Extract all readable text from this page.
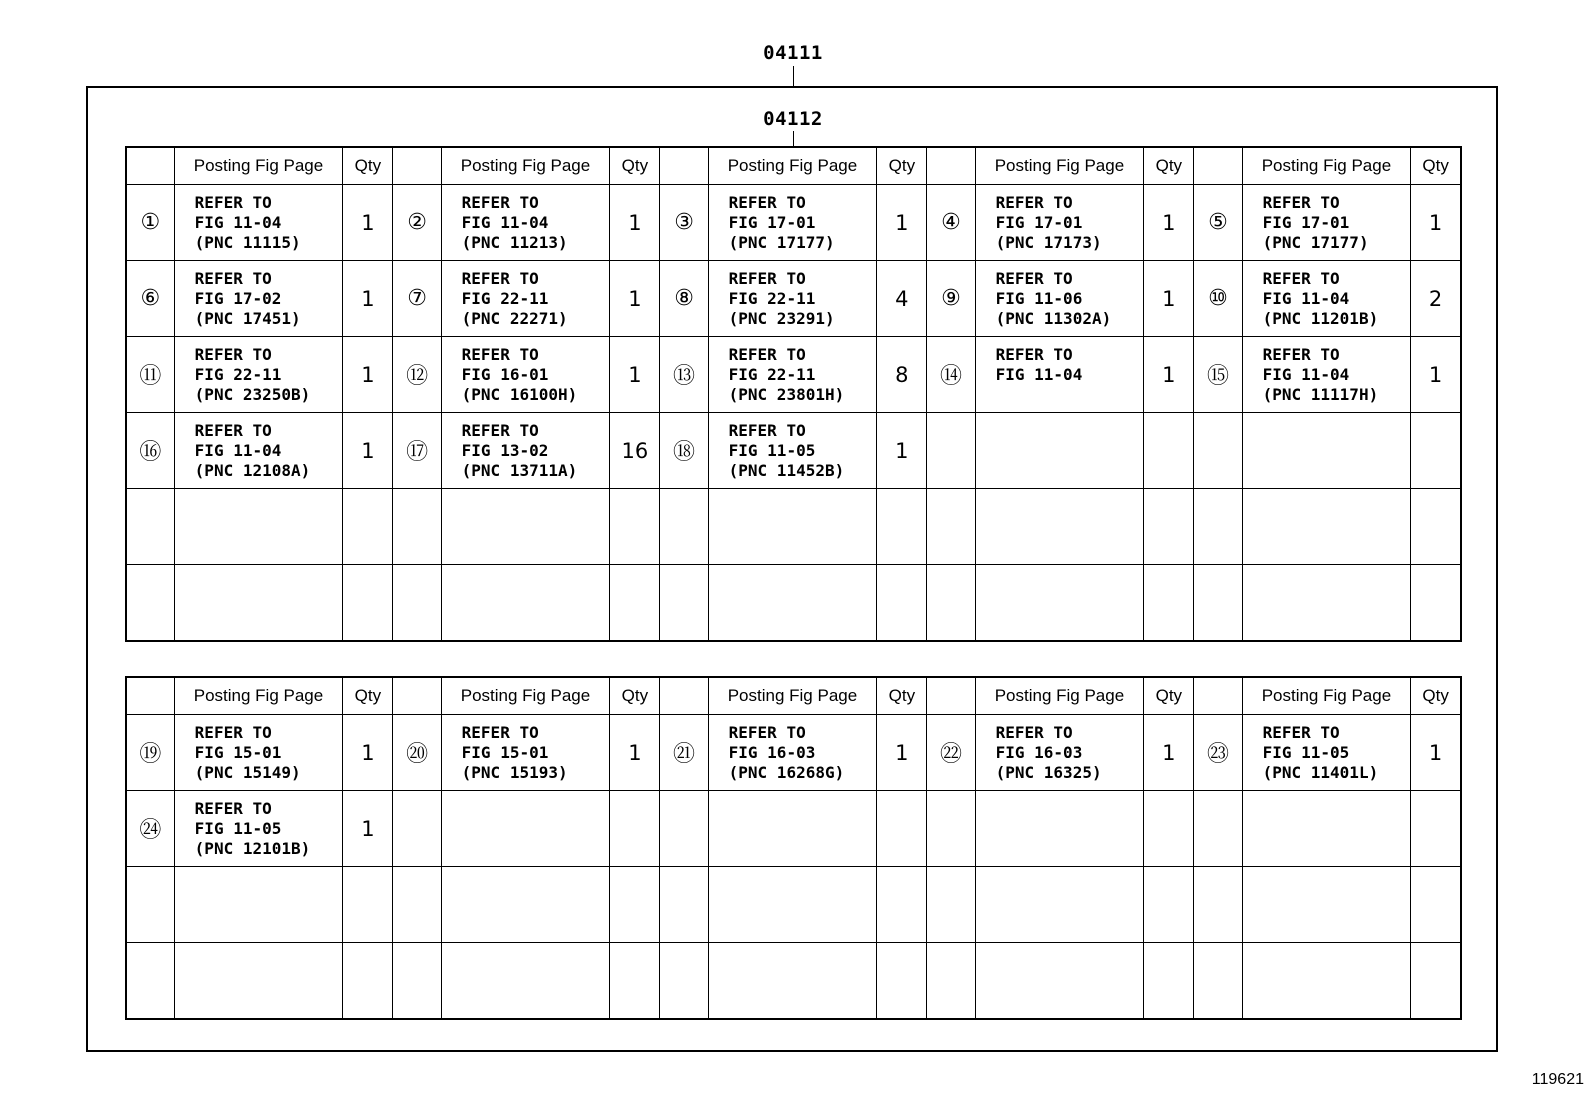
04111
04112
	Posting Fig Page	Qty		Posting Fig Page	Qty		Posting Fig Page	Qty		Posting Fig Page	Qty		Posting Fig Page	Qty
①	REFER TO
FIG 11-04
(PNC 11115)	1	②	REFER TO
FIG 11-04
(PNC 11213)	1	③	REFER TO
FIG 17-01
(PNC 17177)	1	④	REFER TO
FIG 17-01
(PNC 17173)	1	⑤	REFER TO
FIG 17-01
(PNC 17177)	1
⑥	REFER TO
FIG 17-02
(PNC 17451)	1	⑦	REFER TO
FIG 22-11
(PNC 22271)	1	⑧	REFER TO
FIG 22-11
(PNC 23291)	4	⑨	REFER TO
FIG 11-06
(PNC 11302A)	1	⑩	REFER TO
FIG 11-04
(PNC 11201B)	2
⑪	REFER TO
FIG 22-11
(PNC 23250B)	1	⑫	REFER TO
FIG 16-01
(PNC 16100H)	1	⑬	REFER TO
FIG 22-11
(PNC 23801H)	8	⑭	REFER TO
FIG 11-04	1	⑮	REFER TO
FIG 11-04
(PNC 11117H)	1
⑯	REFER TO
FIG 11-04
(PNC 12108A)	1	⑰	REFER TO
FIG 13-02
(PNC 13711A)	16	⑱	REFER TO
FIG 11-05
(PNC 11452B)	1		

	Posting Fig Page	Qty		Posting Fig Page	Qty		Posting Fig Page	Qty		Posting Fig Page	Qty		Posting Fig Page	Qty
⑲	REFER TO
FIG 15-01
(PNC 15149)	1	⑳	REFER TO
FIG 15-01
(PNC 15193)	1	㉑	REFER TO
FIG 16-03
(PNC 16268G)	1	㉒	REFER TO
FIG 16-03
(PNC 16325)	1	㉓	REFER TO
FIG 11-05
(PNC 11401L)	1
㉔	REFER TO
FIG 11-05
(PNC 12101B)	1		

119621
